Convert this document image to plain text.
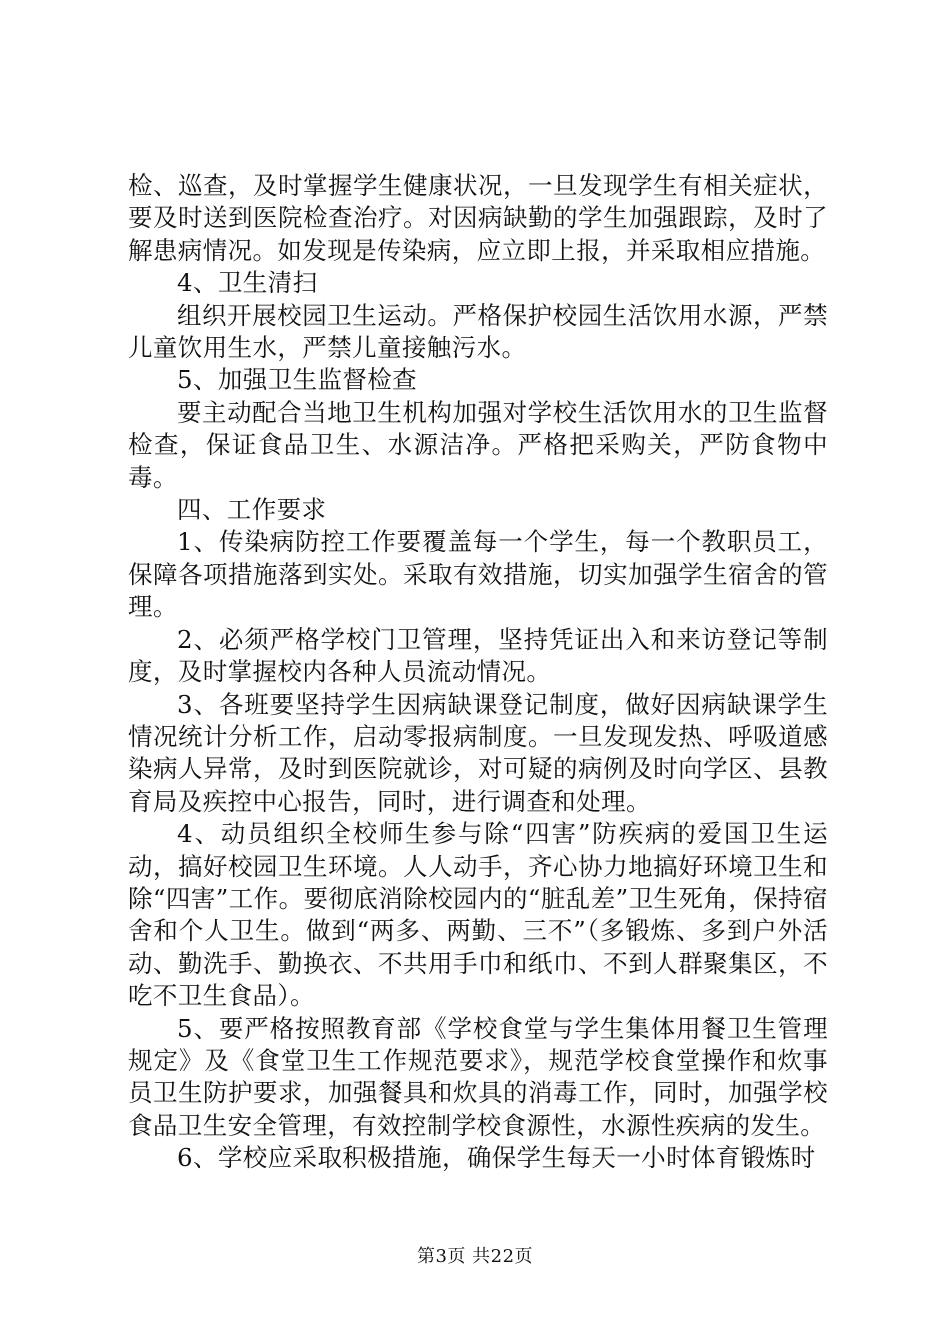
检、巡查，及时掌握学生健康状况，一旦发现学生有相关症状，要及时送到医院检查治疗。对因病缺勤的学生加强跟踪，及时了解患病情况。如发现是传染病，应立即上报，并采取相应措施。

4、卫生清扫

组织开展校园卫生运动。严格保护校园生活饮用水源，严禁儿童饮用生水，严禁儿童接触污水。

5、加强卫生监督检查

要主动配合当地卫生机构加强对学校生活饮用水的卫生监督检查，保证食品卫生、水源洁净。严格把采购关，严防食物中毒。

四、工作要求

1、传染病防控工作要覆盖每一个学生，每一个教职员工，保障各项措施落到实处。采取有效措施，切实加强学生宿舍的管理。

2、必须严格学校门卫管理，坚持凭证出入和来访登记等制度，及时掌握校内各种人员流动情况。

3、各班要坚持学生因病缺课登记制度，做好因病缺课学生情况统计分析工作，启动零报病制度。一旦发现发热、呼吸道感染病人异常，及时到医院就诊，对可疑的病例及时向学区、县教育局及疾控中心报告，同时，进行调查和处理。

4、动员组织全校师生参与除“四害”防疾病的爱国卫生运动，搞好校园卫生环境。人人动手，齐心协力地搞好环境卫生和除“四害”工作。要彻底消除校园内的“脏乱差”卫生死角，保持宿舍和个人卫生。做到“两多、两勤、三不”（多锻炼、多到户外活动、勤洗手、勤换衣、不共用手巾和纸巾、不到人群聚集区，不吃不卫生食品）。

5、要严格按照教育部《学校食堂与学生集体用餐卫生管理规定》及《食堂卫生工作规范要求》，规范学校食堂操作和炊事员卫生防护要求，加强餐具和炊具的消毒工作，同时，加强学校食品卫生安全管理，有效控制学校食源性，水源性疾病的发生。

6、学校应采取积极措施，确保学生每天一小时体育锻炼时

第3页 共22页
